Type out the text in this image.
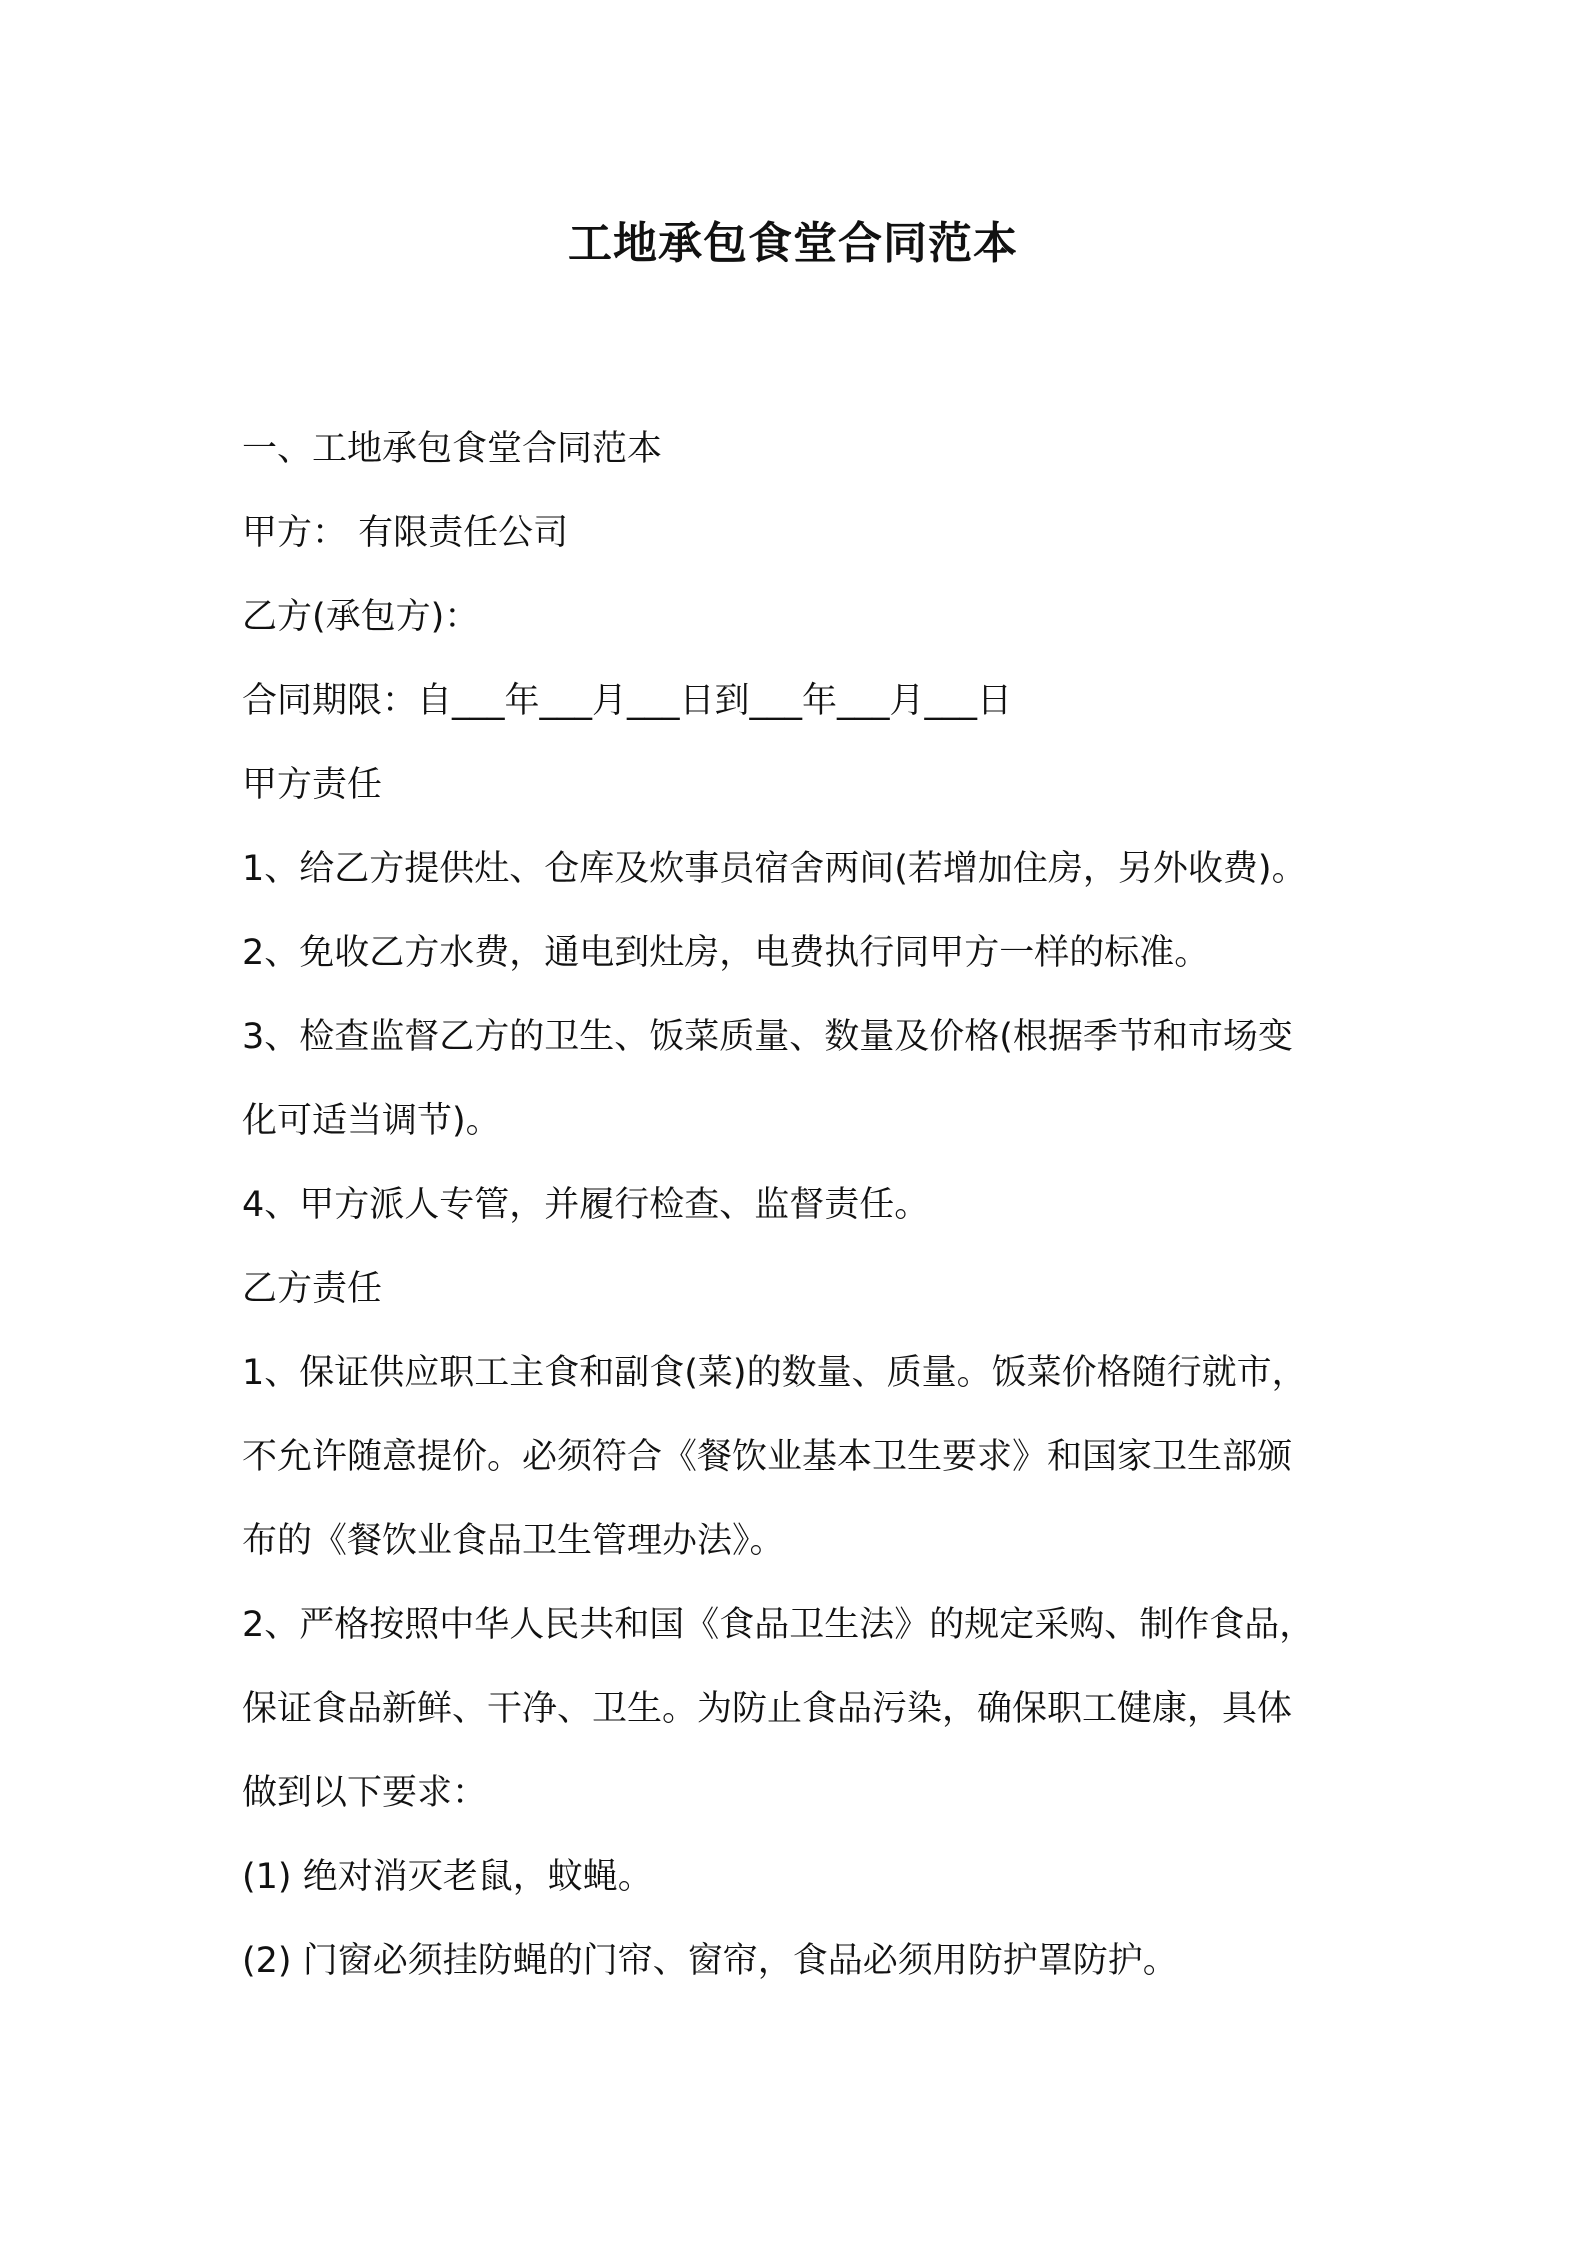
工地承包食堂合同范本

一、工地承包食堂合同范本

甲方： 有限责任公司

乙方(承包方)：

合同期限：自___年___月___日到___年___月___日

甲方责任

1、给乙方提供灶、仓库及炊事员宿舍两间(若增加住房，另外收费)。

2、免收乙方水费，通电到灶房，电费执行同甲方一样的标准。

3、检查监督乙方的卫生、饭菜质量、数量及价格(根据季节和市场变

化可适当调节)。

4、甲方派人专管，并履行检查、监督责任。

乙方责任

1、保证供应职工主食和副食(菜)的数量、质量。饭菜价格随行就市，

不允许随意提价。必须符合《餐饮业基本卫生要求》和国家卫生部颁

布的《餐饮业食品卫生管理办法》。

2、严格按照中华人民共和国《食品卫生法》的规定采购、制作食品，

保证食品新鲜、干净、卫生。为防止食品污染，确保职工健康，具体

做到以下要求：

(1) 绝对消灭老鼠，蚊蝇。

(2) 门窗必须挂防蝇的门帘、窗帘，食品必须用防护罩防护。
